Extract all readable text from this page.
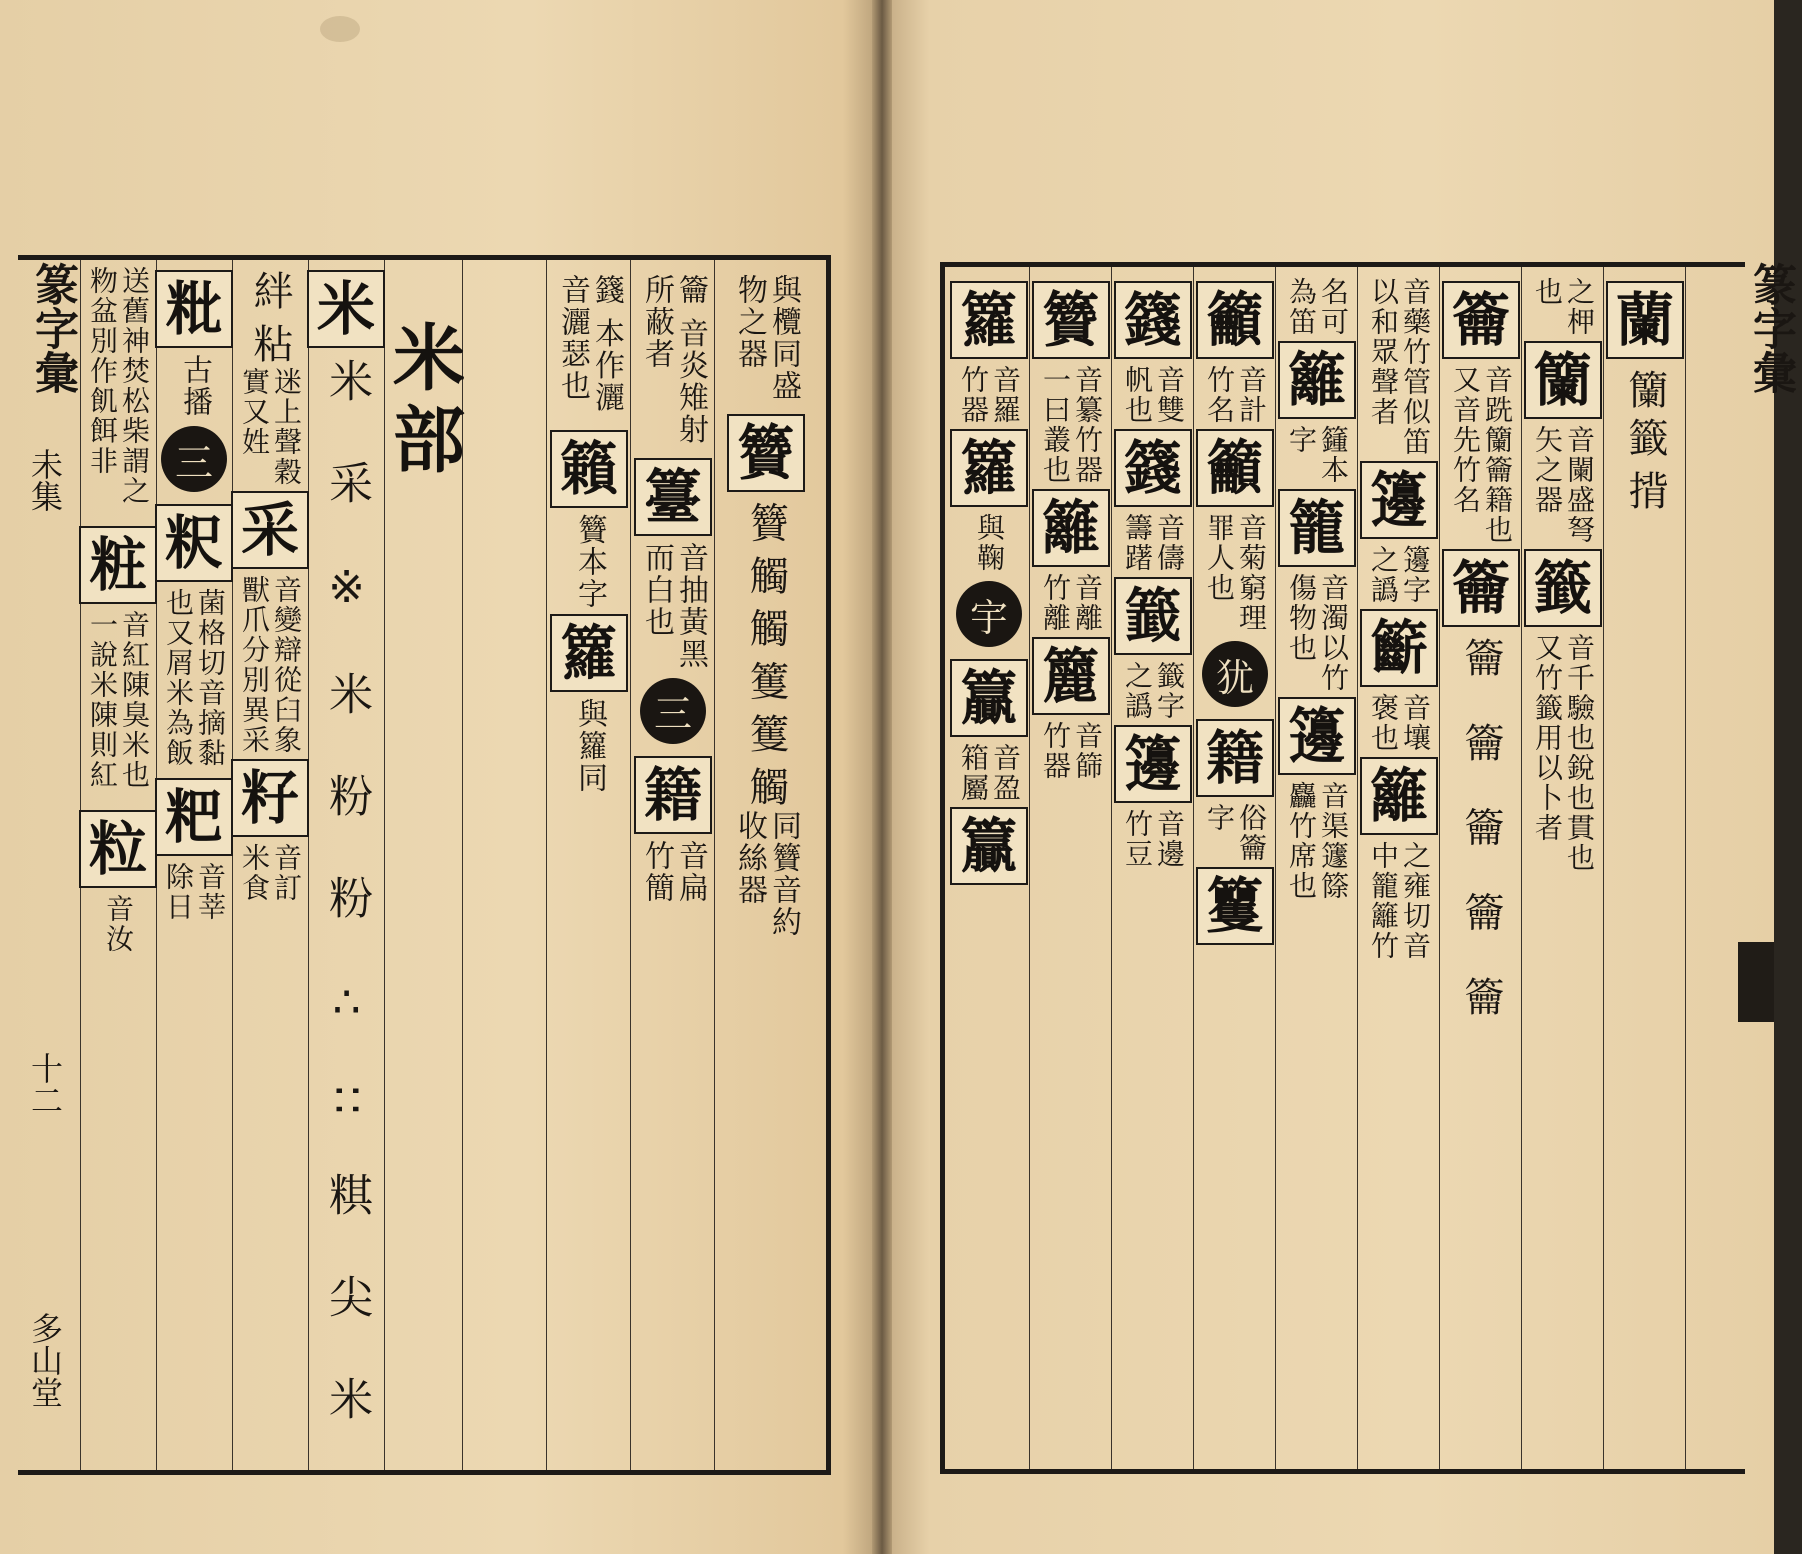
篆字彙
未集
十二
多山堂
篆字彙
送舊神焚松柴謂之
粅盆別作飢餌非
粧
音紅陳臭米也
一說米陳則紅
粒
音汝
粃
古播
三
粎
菌格切音摘黏
也又屑米為飯
粑
音莘
除日
絆 粘
迷上聲穀
實又姓
采
音變辯從臼象
獸爪分別異采
籽
音訂
米食
米
米 采 ※ 米 粉 粉 ∴ ∷ 粸 尖 米 米部	籛 本作灑
音灑瑟也
籟
籫本字
籮
與籮同
籥 音炎雉射
所蔽者
籉
音抽黃黑
而白也
三
籍
音扁
竹簡
與欖同盛
物之器
籫
籫 觸 觸 籆 籆 觸
同籫音約
收絲器
籮
音羅
竹器
籮
與鞠
宇
籯
音盈
箱屬
籯
籫
音纂竹器
一曰叢也
籬
音離
竹離
籭
音篩
竹器
籛
音雙
帆也
籛
音儔
籌躇
籖
籤字
之譌
籩
音邊
竹豆
籲
音計
竹名
籲
音菊窮理
罪人也
犹
籍
俗籥
字
籰
名可
為笛
籬
籦本
字
籠
音濁以竹
傷物也
籩
音渠籧篨
麤竹席也
音藥竹管似笛
以和眾聲者
籩
籩字
之譌
籪
音壤
褒也
籬
之雍切音
中籠籬竹
籥
音跣籣籥籍也
又音先竹名
籥
籥 籥 籥 籥 籥
之柙
也
籣
音闌盛弩
矢之器
籤
音千驗也銳也貫也
又竹籤用以卜者
蘭
籣
籤 揹
